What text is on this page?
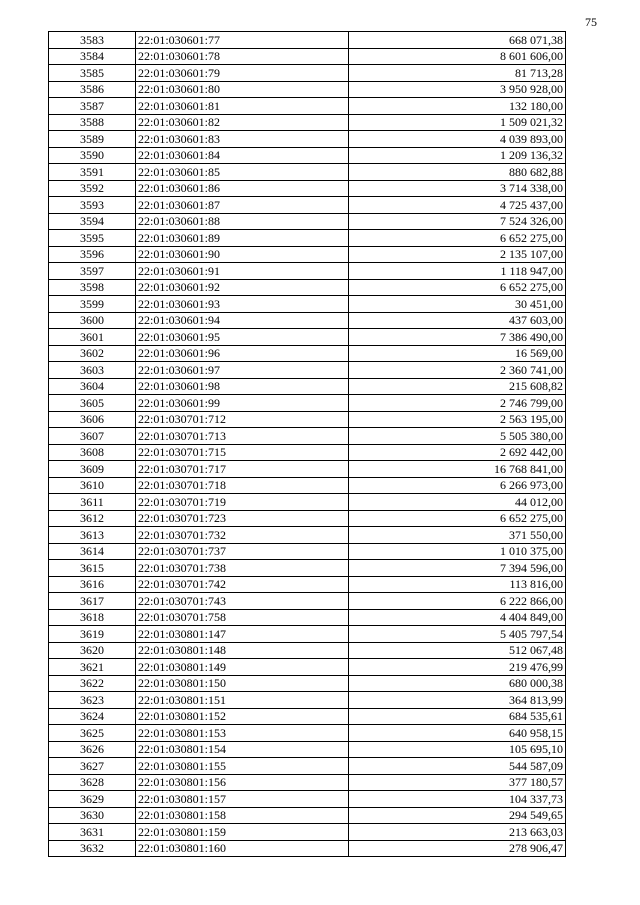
75
3583	22:01:030601:77	668 071,38
3584	22:01:030601:78	8 601 606,00
3585	22:01:030601:79	81 713,28
3586	22:01:030601:80	3 950 928,00
3587	22:01:030601:81	132 180,00
3588	22:01:030601:82	1 509 021,32
3589	22:01:030601:83	4 039 893,00
3590	22:01:030601:84	1 209 136,32
3591	22:01:030601:85	880 682,88
3592	22:01:030601:86	3 714 338,00
3593	22:01:030601:87	4 725 437,00
3594	22:01:030601:88	7 524 326,00
3595	22:01:030601:89	6 652 275,00
3596	22:01:030601:90	2 135 107,00
3597	22:01:030601:91	1 118 947,00
3598	22:01:030601:92	6 652 275,00
3599	22:01:030601:93	30 451,00
3600	22:01:030601:94	437 603,00
3601	22:01:030601:95	7 386 490,00
3602	22:01:030601:96	16 569,00
3603	22:01:030601:97	2 360 741,00
3604	22:01:030601:98	215 608,82
3605	22:01:030601:99	2 746 799,00
3606	22:01:030701:712	2 563 195,00
3607	22:01:030701:713	5 505 380,00
3608	22:01:030701:715	2 692 442,00
3609	22:01:030701:717	16 768 841,00
3610	22:01:030701:718	6 266 973,00
3611	22:01:030701:719	44 012,00
3612	22:01:030701:723	6 652 275,00
3613	22:01:030701:732	371 550,00
3614	22:01:030701:737	1 010 375,00
3615	22:01:030701:738	7 394 596,00
3616	22:01:030701:742	113 816,00
3617	22:01:030701:743	6 222 866,00
3618	22:01:030701:758	4 404 849,00
3619	22:01:030801:147	5 405 797,54
3620	22:01:030801:148	512 067,48
3621	22:01:030801:149	219 476,99
3622	22:01:030801:150	680 000,38
3623	22:01:030801:151	364 813,99
3624	22:01:030801:152	684 535,61
3625	22:01:030801:153	640 958,15
3626	22:01:030801:154	105 695,10
3627	22:01:030801:155	544 587,09
3628	22:01:030801:156	377 180,57
3629	22:01:030801:157	104 337,73
3630	22:01:030801:158	294 549,65
3631	22:01:030801:159	213 663,03
3632	22:01:030801:160	278 906,47
